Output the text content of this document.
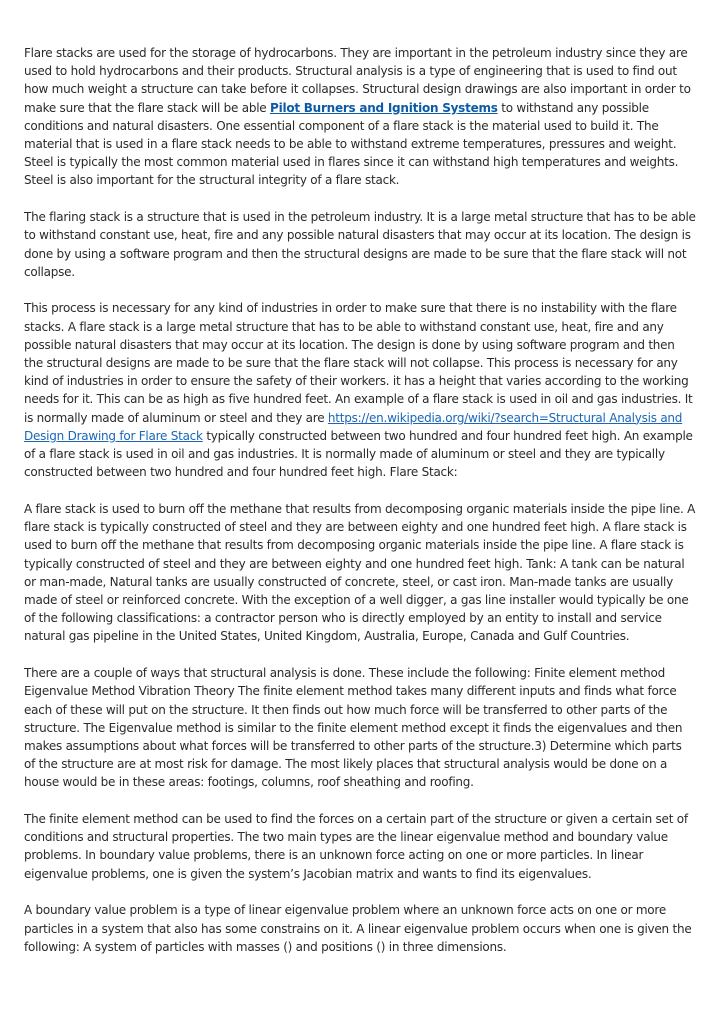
Flare stacks are used for the storage of hydrocarbons. They are important in the petroleum industry since they are used to hold hydrocarbons and their products. Structural analysis is a type of engineering that is used to find out how much weight a structure can take before it collapses. Structural design drawings are also important in order to make sure that the flare stack will be able Pilot Burners and Ignition Systems to withstand any possible conditions and natural disasters. One essential component of a flare stack is the material used to build it. The material that is used in a flare stack needs to be able to withstand extreme temperatures, pressures and weight. Steel is typically the most common material used in flares since it can withstand high temperatures and weights. Steel is also important for the structural integrity of a flare stack.

The flaring stack is a structure that is used in the petroleum industry. It is a large metal structure that has to be able to withstand constant use, heat, fire and any possible natural disasters that may occur at its location. The design is done by using a software program and then the structural designs are made to be sure that the flare stack will not collapse.

This process is necessary for any kind of industries in order to make sure that there is no instability with the flare stacks. A flare stack is a large metal structure that has to be able to withstand constant use, heat, fire and any possible natural disasters that may occur at its location. The design is done by using software program and then the structural designs are made to be sure that the flare stack will not collapse. This process is necessary for any kind of industries in order to ensure the safety of their workers. it has a height that varies according to the working needs for it. This can be as high as five hundred feet. An example of a flare stack is used in oil and gas industries. It is normally made of aluminum or steel and they are https://en.wikipedia.org/wiki/?search=Structural Analysis and Design Drawing for Flare Stack typically constructed between two hundred and four hundred feet high. An example of a flare stack is used in oil and gas industries. It is normally made of aluminum or steel and they are typically constructed between two hundred and four hundred feet high. Flare Stack:

A flare stack is used to burn off the methane that results from decomposing organic materials inside the pipe line. A flare stack is typically constructed of steel and they are between eighty and one hundred feet high. A flare stack is used to burn off the methane that results from decomposing organic materials inside the pipe line. A flare stack is typically constructed of steel and they are between eighty and one hundred feet high. Tank: A tank can be natural or man-made, Natural tanks are usually constructed of concrete, steel, or cast iron. Man-made tanks are usually made of steel or reinforced concrete. With the exception of a well digger, a gas line installer would typically be one of the following classifications: a contractor person who is directly employed by an entity to install and service natural gas pipeline in the United States, United Kingdom, Australia, Europe, Canada and Gulf Countries.

There are a couple of ways that structural analysis is done. These include the following: Finite element method Eigenvalue Method Vibration Theory The finite element method takes many different inputs and finds what force each of these will put on the structure. It then finds out how much force will be transferred to other parts of the structure. The Eigenvalue method is similar to the finite element method except it finds the eigenvalues and then makes assumptions about what forces will be transferred to other parts of the structure.3) Determine which parts of the structure are at most risk for damage. The most likely places that structural analysis would be done on a house would be in these areas: footings, columns, roof sheathing and roofing.

The finite element method can be used to find the forces on a certain part of the structure or given a certain set of conditions and structural properties. The two main types are the linear eigenvalue method and boundary value problems. In boundary value problems, there is an unknown force acting on one or more particles. In linear eigenvalue problems, one is given the system’s Jacobian matrix and wants to find its eigenvalues.

A boundary value problem is a type of linear eigenvalue problem where an unknown force acts on one or more particles in a system that also has some constrains on it. A linear eigenvalue problem occurs when one is given the following: A system of particles with masses () and positions () in three dimensions.
